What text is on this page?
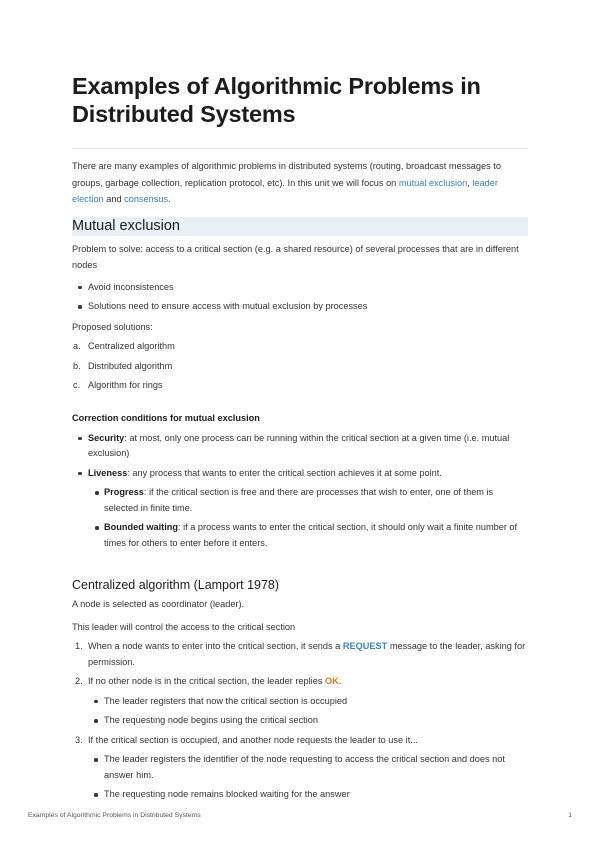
Examples of Algorithmic Problems in Distributed Systems

There are many examples of algorithmic problems in distributed systems (routing, broadcast messages to groups, garbage collection, replication protocol, etc). In this unit we will focus on mutual exclusion, leader election and consensus.

Mutual exclusion

Problem to solve: access to a critical section (e.g. a shared resource) of several processes that are in different nodes

Avoid inconsistences
Solutions need to ensure access with mutual exclusion by processes

Proposed solutions:

a. Centralized algorithm
b. Distributed algorithm
c. Algorithm for rings
Correction conditions for mutual exclusion
Security: at most, only one process can be running within the critical section at a given time (i.e. mutual exclusion)
Liveness: any process that wants to enter the critical section achieves it at some point.
Progress: if the critical section is free and there are processes that wish to enter, one of them is selected in finite time.
Bounded waiting: if a process wants to enter the critical section, it should only wait a finite number of times for others to enter before it enters.
Centralized algorithm (Lamport 1978)

A node is selected as coordinator (leader).

This leader will control the access to the critical section

1. When a node wants to enter into the critical section, it sends a REQUEST message to the leader, asking for permission.
2. If no other node is in the critical section, the leader replies OK.
The leader registers that now the critical section is occupied
The requesting node begins using the critical section
3. If the critical section is occupied, and another node requests the leader to use it...
The leader registers the identifier of the node requesting to access the critical section and does not answer him.
The requesting node remains blocked waiting for the answer
Examples of Algorithmic Problems in Distributed Systems	1
